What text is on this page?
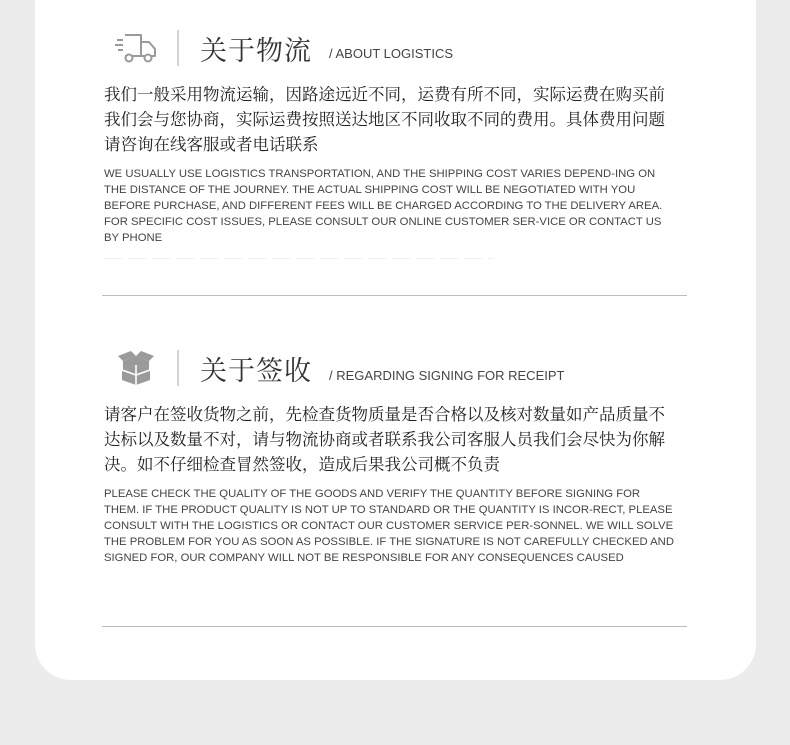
关于物流 / ABOUT LOGISTICS
我们一般采用物流运输，因路途远近不同，运费有所不同，实际运费在购买前我们会与您协商，实际运费按照送达地区不同收取不同的费用。具体费用问题请咨询在线客服或者电话联系
WE USUALLY USE LOGISTICS TRANSPORTATION, AND THE SHIPPING COST VARIES DEPEND-ING ON THE DISTANCE OF THE JOURNEY. THE ACTUAL SHIPPING COST WILL BE NEGOTIATED WITH YOU BEFORE PURCHASE, AND DIFFERENT FEES WILL BE CHARGED ACCORDING TO THE DELIVERY AREA. FOR SPECIFIC COST ISSUES, PLEASE CONSULT OUR ONLINE CUSTOMER SER-VICE OR CONTACT US BY PHONE
关于签收 / REGARDING SIGNING FOR RECEIPT
请客户在签收货物之前，先检查货物质量是否合格以及核对数量如产品质量不达标以及数量不对，请与物流协商或者联系我公司客服人员我们会尽快为你解决。如不仔细检查冒然签收，造成后果我公司概不负责
PLEASE CHECK THE QUALITY OF THE GOODS AND VERIFY THE QUANTITY BEFORE SIGNING FOR THEM. IF THE PRODUCT QUALITY IS NOT UP TO STANDARD OR THE QUANTITY IS INCOR-RECT, PLEASE CONSULT WITH THE LOGISTICS OR CONTACT OUR CUSTOMER SERVICE PER-SONNEL. WE WILL SOLVE THE PROBLEM FOR YOU AS SOON AS POSSIBLE. IF THE SIGNATURE IS NOT CAREFULLY CHECKED AND SIGNED FOR, OUR COMPANY WILL NOT BE RESPONSIBLE FOR ANY CONSEQUENCES CAUSED
